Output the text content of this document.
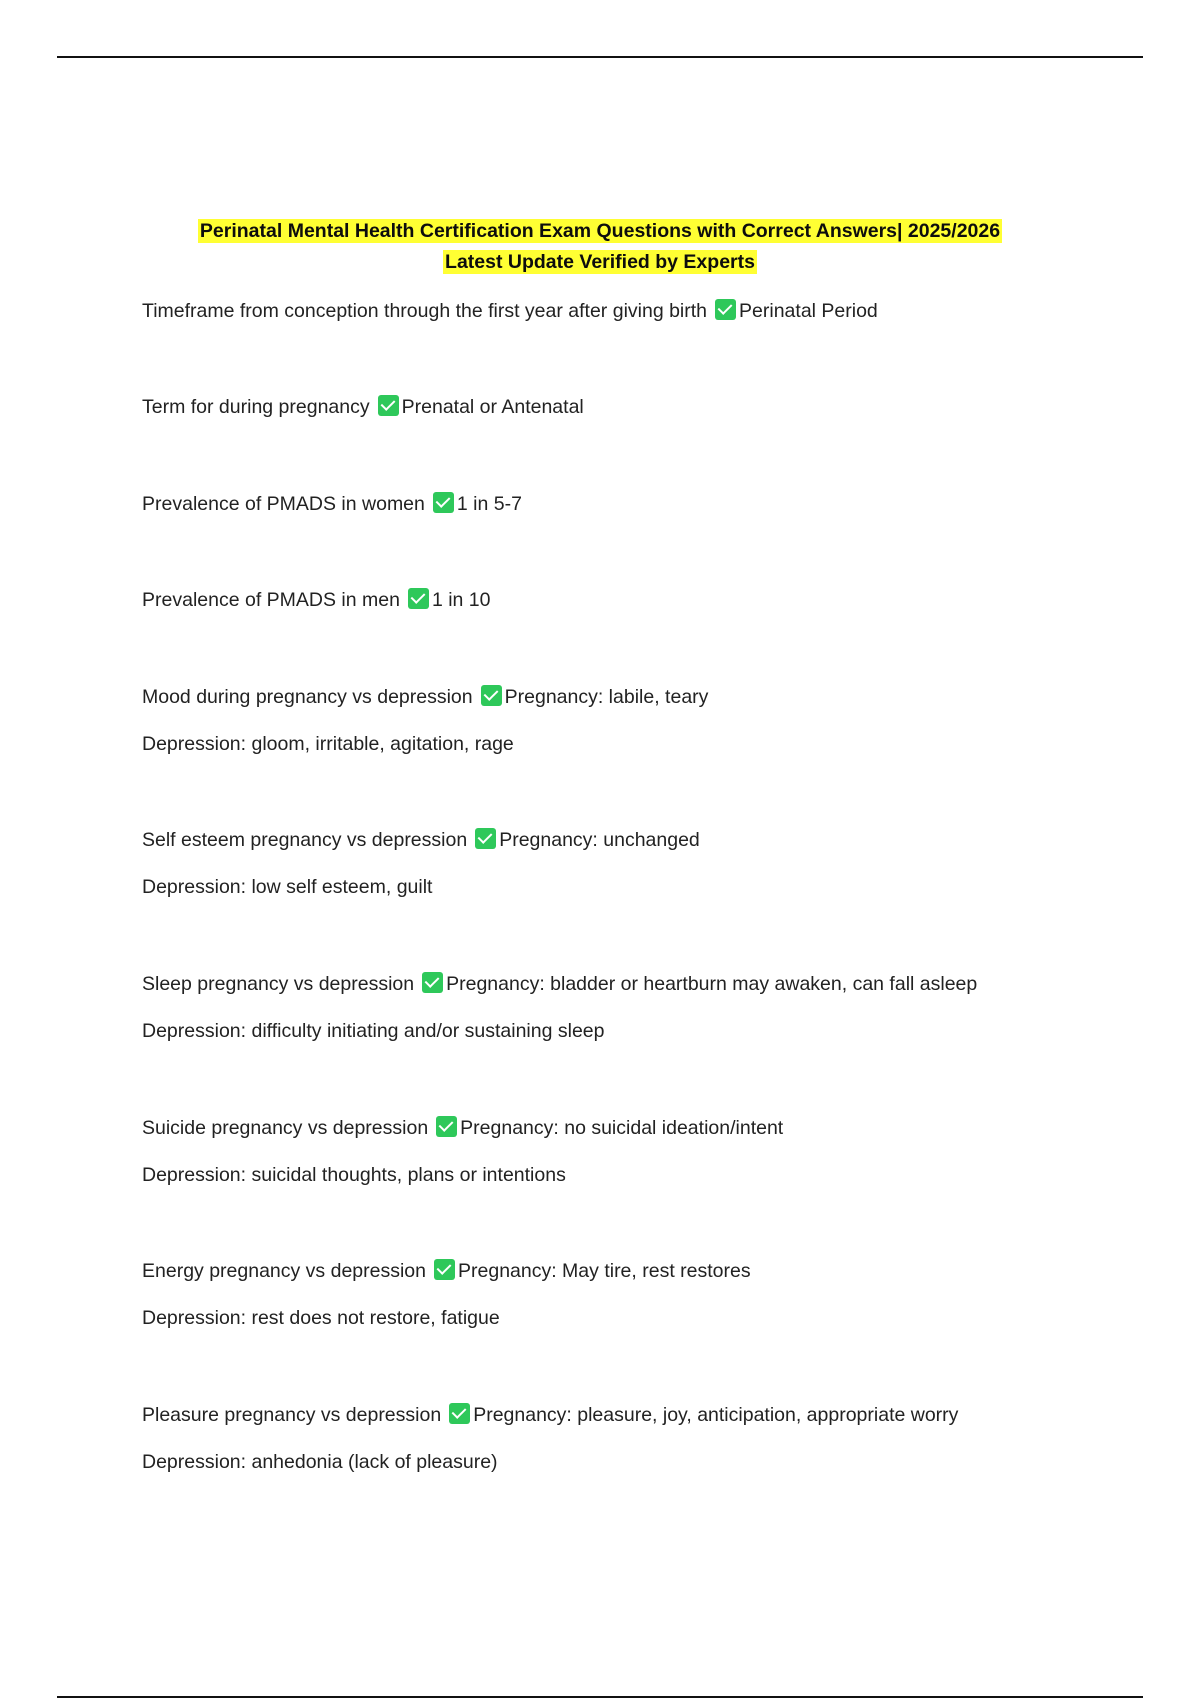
Perinatal Mental Health Certification Exam Questions with Correct Answers| 2025/2026
Latest Update Verified by Experts
Timeframe from conception through the first year after giving birth Perinatal Period
Term for during pregnancy Prenatal or Antenatal
Prevalence of PMADS in women 1 in 5-7
Prevalence of PMADS in men 1 in 10
Mood during pregnancy vs depression Pregnancy: labile, teary
Depression: gloom, irritable, agitation, rage
Self esteem pregnancy vs depression Pregnancy: unchanged
Depression: low self esteem, guilt
Sleep pregnancy vs depression Pregnancy: bladder or heartburn may awaken, can fall asleep
Depression: difficulty initiating and/or sustaining sleep
Suicide pregnancy vs depression Pregnancy: no suicidal ideation/intent
Depression: suicidal thoughts, plans or intentions
Energy pregnancy vs depression Pregnancy: May tire, rest restores
Depression: rest does not restore, fatigue
Pleasure pregnancy vs depression Pregnancy: pleasure, joy, anticipation, appropriate worry
Depression: anhedonia (lack of pleasure)
